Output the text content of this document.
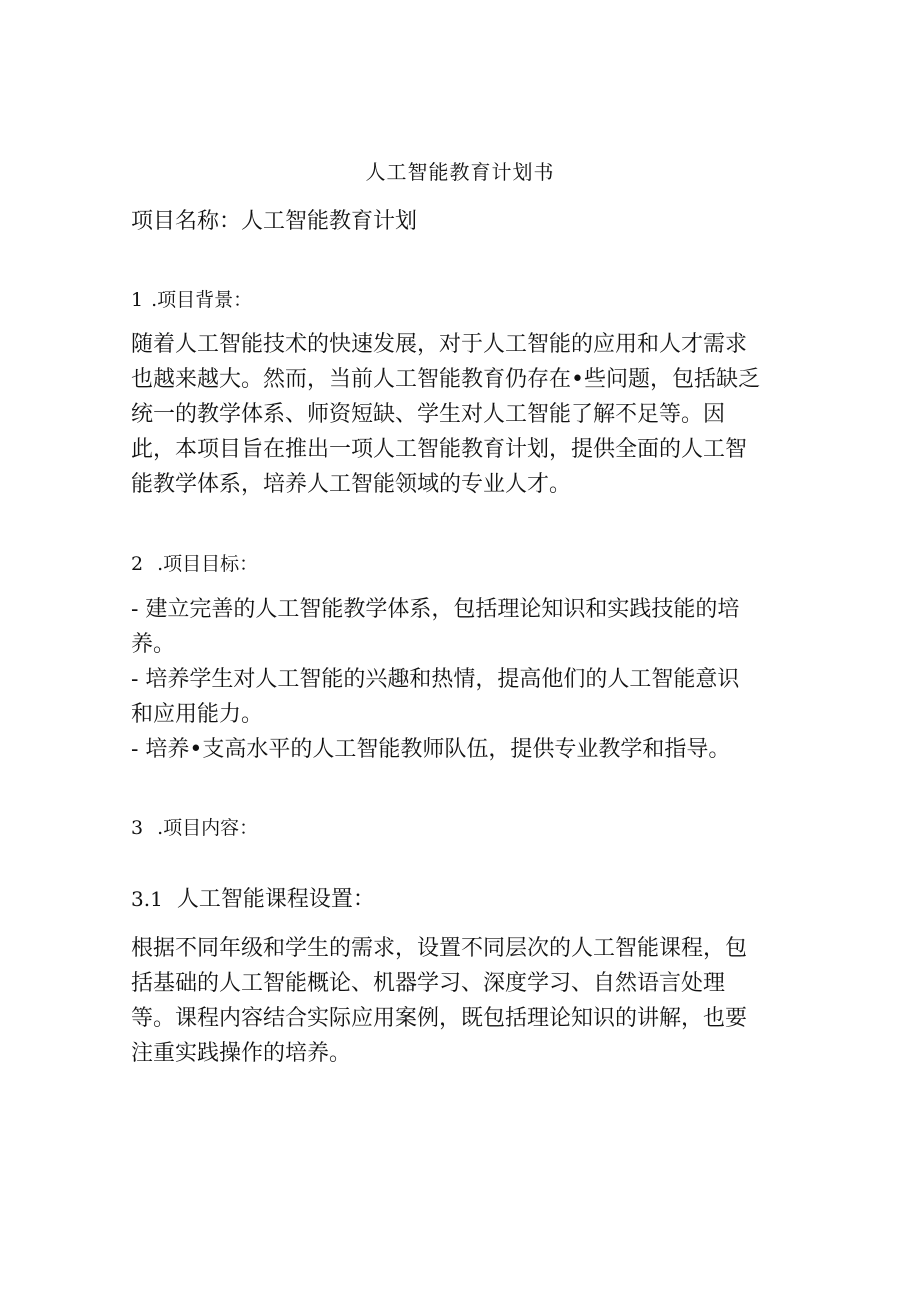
人工智能教育计划书
项目名称：人工智能教育计划
1 .项目背景：
随着人工智能技术的快速发展，对于人工智能的应用和人才需求
也越来越大。然而，当前人工智能教育仍存在•些问题，包括缺乏
统一的教学体系、师资短缺、学生对人工智能了解不足等。因
此，本项目旨在推出一项人工智能教育计划，提供全面的人工智
能教学体系，培养人工智能领域的专业人才。
2 .项目目标：
- 建立完善的人工智能教学体系，包括理论知识和实践技能的培
养。
- 培养学生对人工智能的兴趣和热情，提高他们的人工智能意识
和应用能力。
- 培养•支高水平的人工智能教师队伍，提供专业教学和指导。
3 .项目内容：
3.1 人工智能课程设置：
根据不同年级和学生的需求，设置不同层次的人工智能课程，包
括基础的人工智能概论、机器学习、深度学习、自然语言处理
等。课程内容结合实际应用案例，既包括理论知识的讲解，也要
注重实践操作的培养。
